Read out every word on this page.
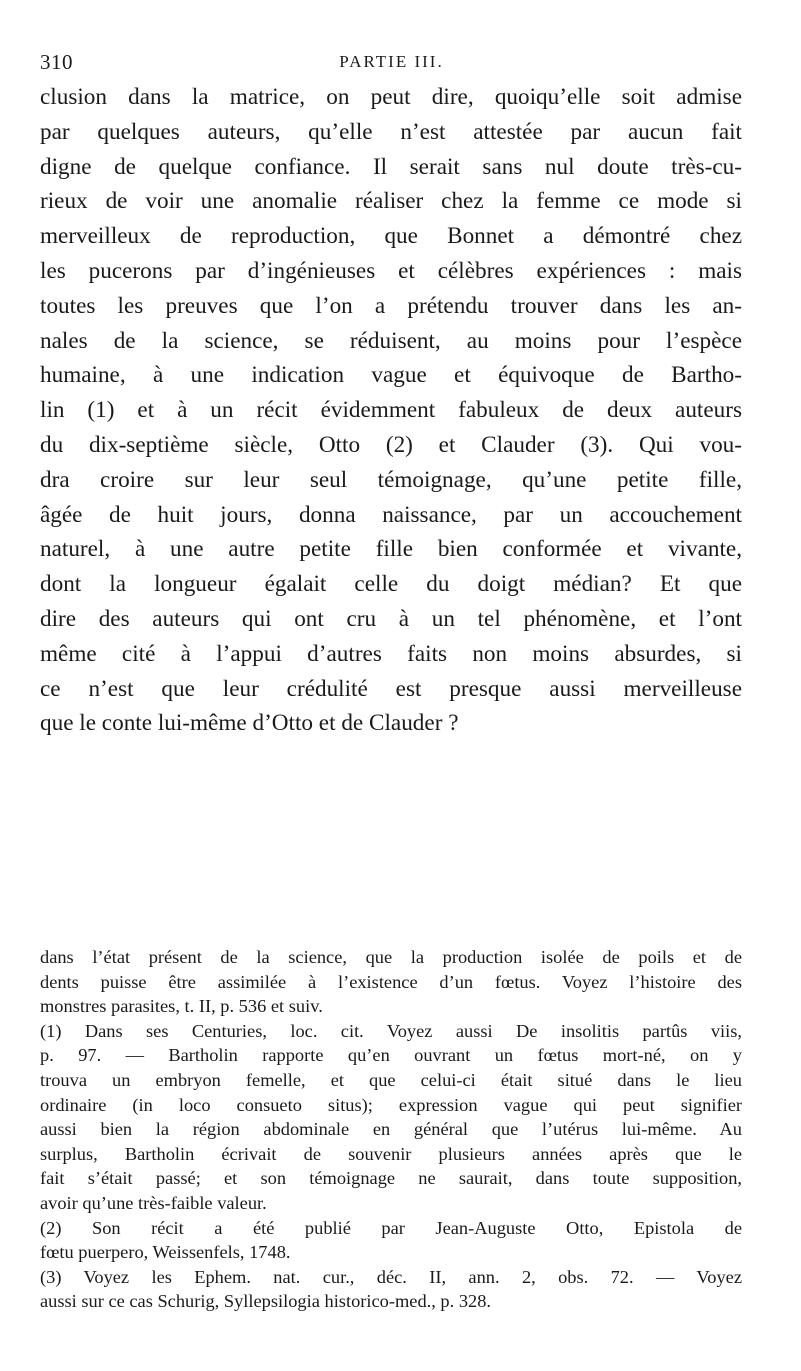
310	PARTIE III.
clusion dans la matrice, on peut dire, quoiqu’elle soit admise
par quelques auteurs, qu’elle n’est attestée par aucun fait
digne de quelque confiance. Il serait sans nul doute très-cu-
rieux de voir une anomalie réaliser chez la femme ce mode si
merveilleux de reproduction, que Bonnet a démontré chez
les pucerons par d’ingénieuses et célèbres expériences : mais
toutes les preuves que l’on a prétendu trouver dans les an-
nales de la science, se réduisent, au moins pour l’espèce
humaine, à une indication vague et équivoque de Bartho-
lin (1) et à un récit évidemment fabuleux de deux auteurs
du dix-septième siècle, Otto (2) et Clauder (3). Qui vou-
dra croire sur leur seul témoignage, qu’une petite fille,
âgée de huit jours, donna naissance, par un accouchement
naturel, à une autre petite fille bien conformée et vivante,
dont la longueur égalait celle du doigt médian? Et que
dire des auteurs qui ont cru à un tel phénomène, et l’ont
même cité à l’appui d’autres faits non moins absurdes, si
ce n’est que leur crédulité est presque aussi merveilleuse
que le conte lui-même d’Otto et de Clauder ?
dans l’état présent de la science, que la production isolée de poils et de
dents puisse être assimilée à l’existence d’un fœtus. Voyez l’histoire des
monstres parasites, t. II, p. 536 et suiv.
(1) Dans ses Centuries, loc. cit. Voyez aussi De insolitis partûs viis,
p. 97. — Bartholin rapporte qu’en ouvrant un fœtus mort-né, on y
trouva un embryon femelle, et que celui-ci était situé dans le lieu
ordinaire (in loco consueto situs); expression vague qui peut signifier
aussi bien la région abdominale en général que l’utérus lui-même. Au
surplus, Bartholin écrivait de souvenir plusieurs années après que le
fait s’était passé; et son témoignage ne saurait, dans toute supposition,
avoir qu’une très-faible valeur.
(2) Son récit a été publié par Jean-Auguste Otto, Epistola de
fœtu puerpero, Weissenfels, 1748.
(3) Voyez les Ephem. nat. cur., déc. II, ann. 2, obs. 72. — Voyez
aussi sur ce cas Schurig, Syllepsilogia historico-med., p. 328.
